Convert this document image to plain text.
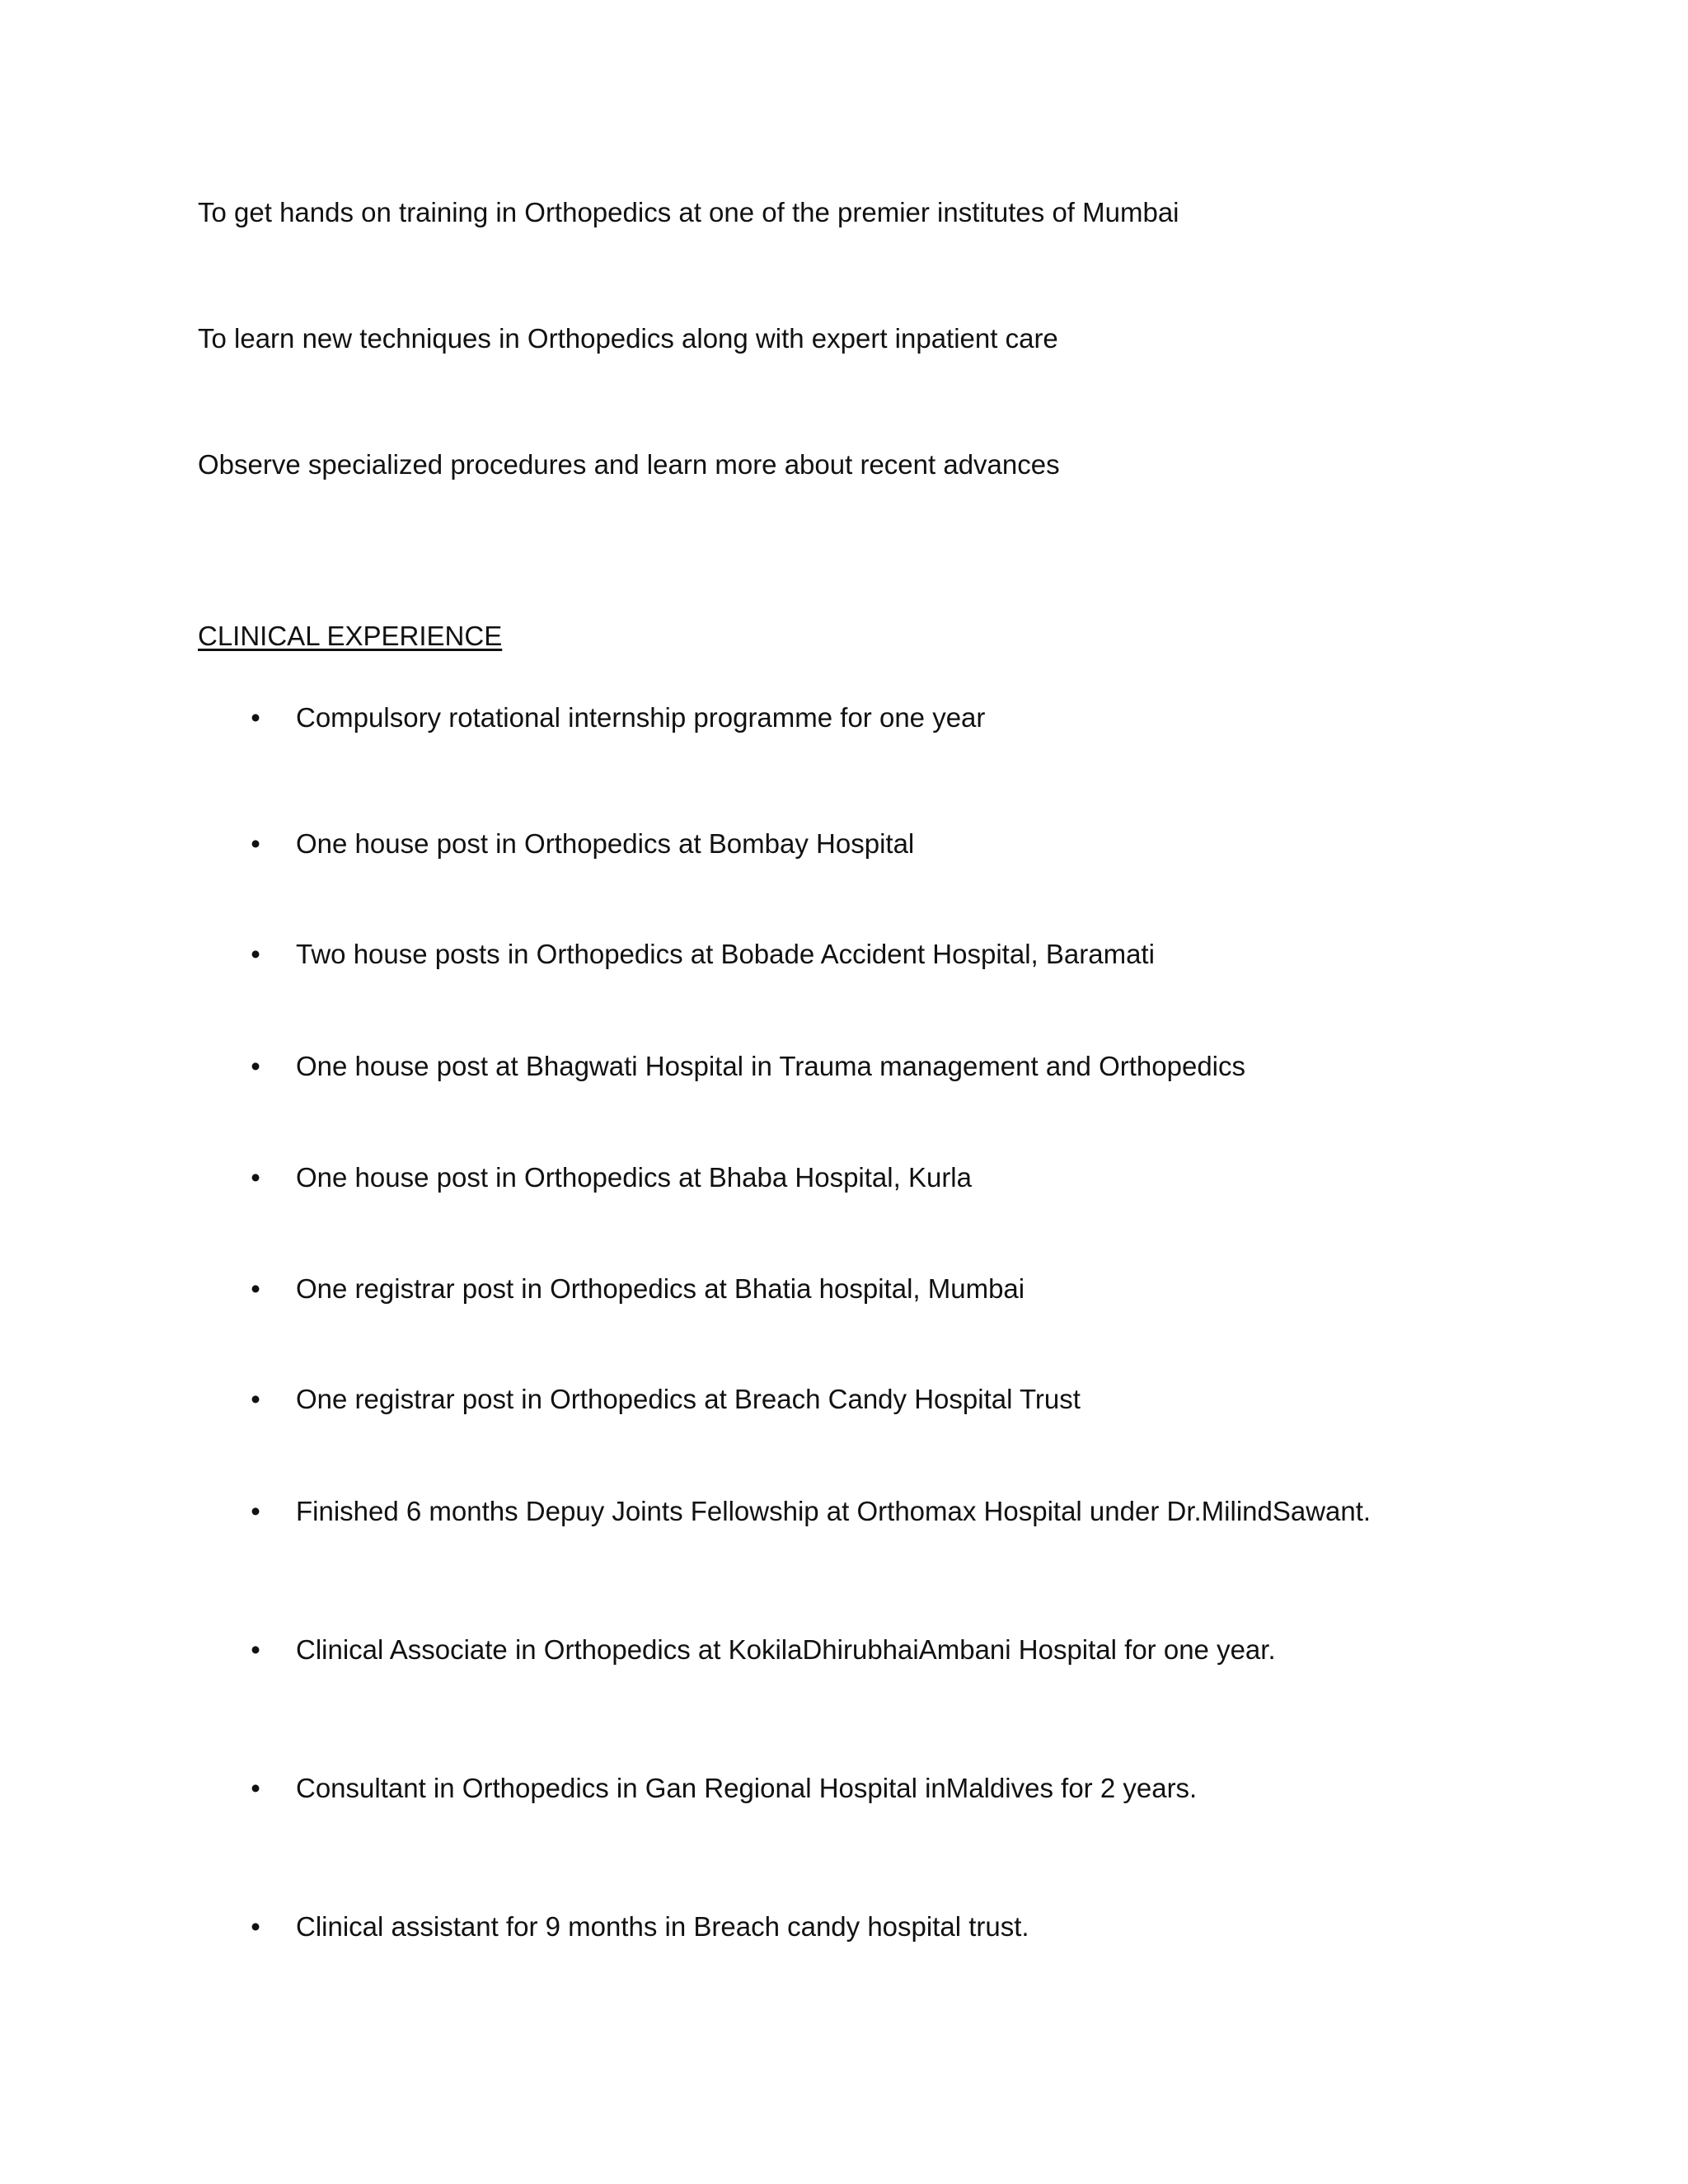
To get hands on training in Orthopedics at one of the premier institutes of Mumbai
To learn new techniques in Orthopedics along with expert inpatient care
Observe specialized procedures and learn more about recent advances
CLINICAL EXPERIENCE
• Compulsory rotational internship programme for one year
• One house post in Orthopedics at Bombay Hospital
• Two house posts in Orthopedics at Bobade Accident Hospital, Baramati
• One house post at Bhagwati Hospital in Trauma management and Orthopedics
• One house post in Orthopedics at Bhaba Hospital, Kurla
• One registrar post in Orthopedics at Bhatia hospital, Mumbai
• One registrar post in Orthopedics at Breach Candy Hospital Trust
• Finished 6 months Depuy Joints Fellowship at Orthomax Hospital under Dr.MilindSawant.
• Clinical Associate in Orthopedics at KokilaDhirubhaiAmbani Hospital for one year.
• Consultant in Orthopedics in Gan Regional Hospital inMaldives for 2 years.
• Clinical assistant for 9 months in Breach candy hospital trust.
